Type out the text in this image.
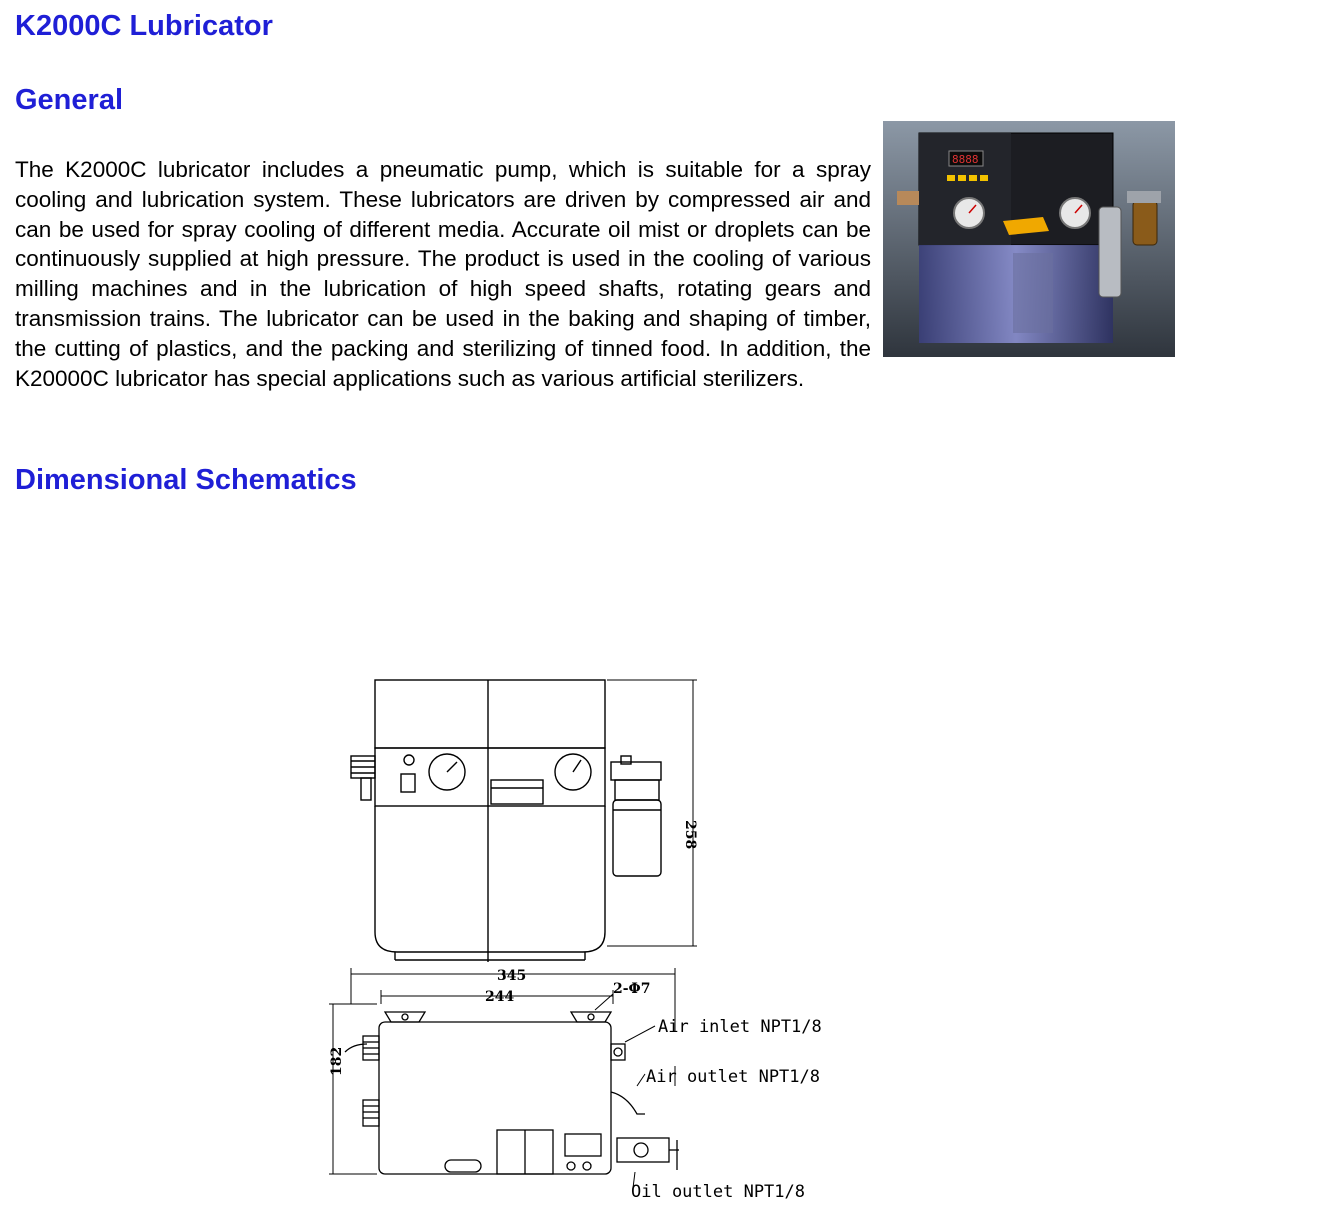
K2000C Lubricator
General
8888

The K2000C lubricator includes a pneumatic pump, which is suitable for a spray cooling and lubrication system. These lubricators are driven by compressed air and can be used for spray cooling of different media. Accurate oil mist or droplets can be continuously supplied at high pressure. The product is used in the cooling of various milling machines and in the lubrication of high speed shafts, rotating gears and transmission trains. The lubricator can be used in the baking and shaping of timber, the cutting of plastics, and the packing and sterilizing of tinned food. In addition, the K20000C lubricator has special applications such as various artificial sterilizers.

Dimensional Schematics
258
345
244	2-Φ7
182
Air inlet NPT1/8
Air outlet NPT1/8
Oil outlet NPT1/8
